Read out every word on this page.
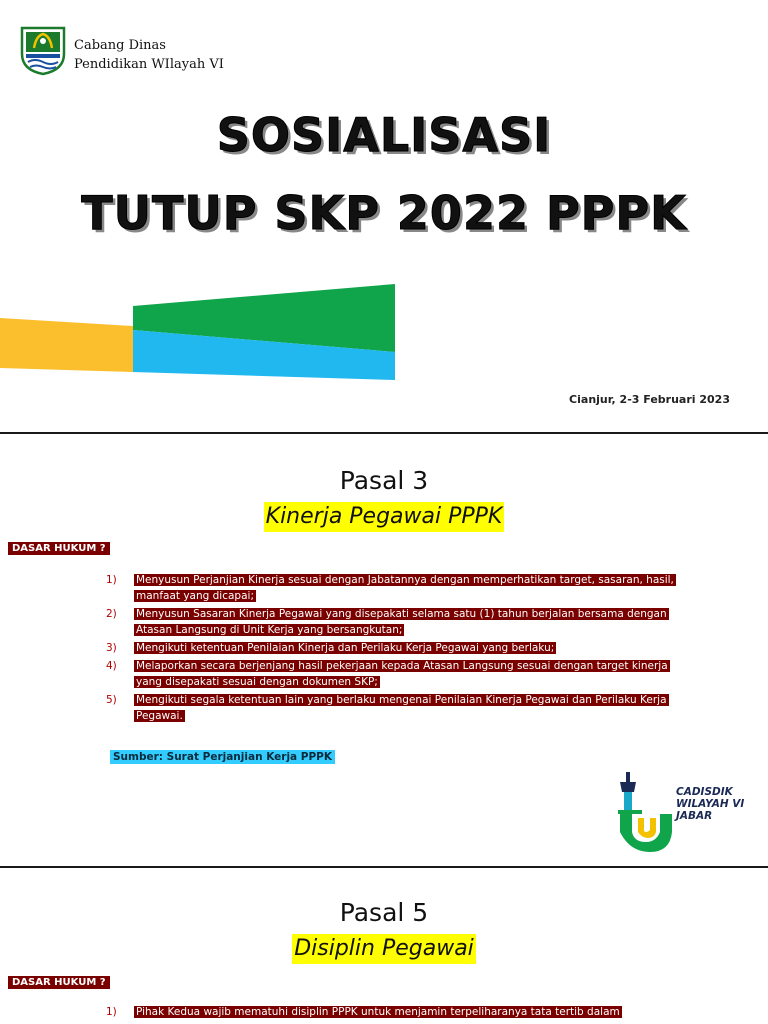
Cabang Dinas
Pendidikan WIlayah VI
SOSIALISASI
TUTUP SKP 2022 PPPK
Cianjur, 2-3 Februari 2023
Pasal 3
Kinerja Pegawai PPPK
DASAR HUKUM ?
1) Menyusun Perjanjian Kinerja sesuai dengan Jabatannya dengan memperhatikan target, sasaran, hasil, manfaat yang dicapai;
2) Menyusun Sasaran Kinerja Pegawai yang disepakati selama satu (1) tahun berjalan bersama dengan Atasan Langsung di Unit Kerja yang bersangkutan;
3) Mengikuti ketentuan Penilaian Kinerja dan Perilaku Kerja Pegawai yang berlaku;
4) Melaporkan secara berjenjang hasil pekerjaan kepada Atasan Langsung sesuai dengan target kinerja yang disepakati sesuai dengan dokumen SKP;
5) Mengikuti segala ketentuan lain yang berlaku mengenai Penilaian Kinerja Pegawai dan Perilaku Kerja Pegawai.
Sumber: Surat Perjanjian Kerja PPPK
CADISDIK
WILAYAH VI
JABAR
Pasal 5
Disiplin Pegawai
DASAR HUKUM ?
1) Pihak Kedua wajib mematuhi disiplin PPPK untuk menjamin terpeliharanya tata tertib dalam
